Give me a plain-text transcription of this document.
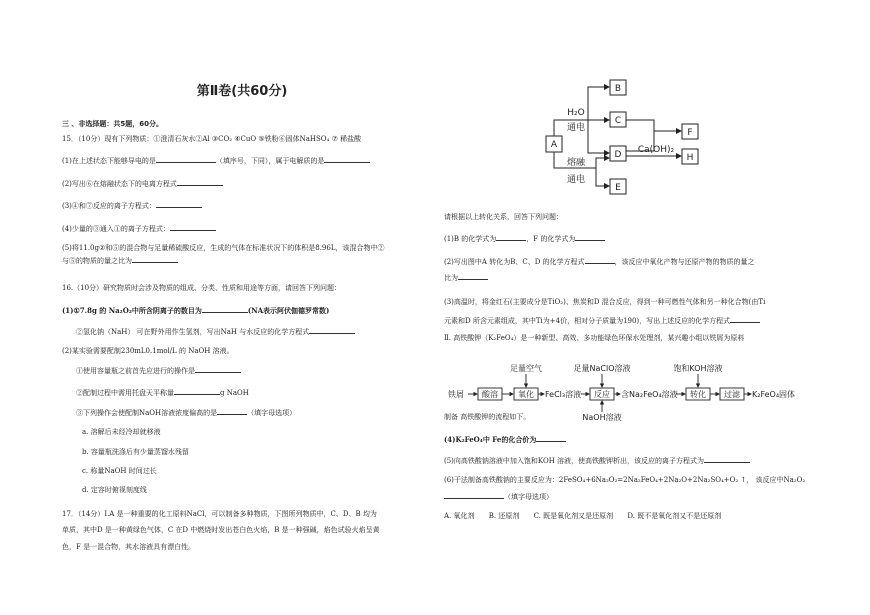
第Ⅱ卷(共60分)
三 、非选择题：共5题，60分。
15．（10分）现有下列物质：①澄清石灰水②Al ③CO₂ ④CuO ⑤铁粉⑥固体NaHSO₄ ⑦ 稀盐酸
(1)在上述状态下能够导电的是	（填序号，下同），属于电解质的是
(2)写出⑥在熔融状态下的电离方程式
(3)④和⑦反应的离子方程式：
(4)少量的③通入①的离子方程式：
(5)将11.0g②和⑤的混合物与足量稀硫酸反应，生成的气体在标准状况下的体积是8.96L，该混合物中②
与⑤的物质的量之比为
16.（10分）研究物质时会涉及物质的组成、分类、性质和用途等方面，请回答下列问题：
(1)①7.8g 的 Na₂O₂中所含阴离子的数目为	(NA表示阿伏伽德罗常数)
②氢化钠（NaH） 可在野外用作生氢剂，写出NaH 与水反应的化学方程式
(2)某实验需要配制230mL0.1mol/L 的 NaOH 溶液。
①使用容量瓶之前首先应进行的操作是
②配制过程中需用托盘天平称量	g NaOH
③下列操作会使配制NaOH溶液浓度偏高的是	（填字母选项）
a. 溶解后未经冷却就移液
b. 容量瓶洗涤后有少量蒸馏水残留
c. 称量NaOH 时间过长
d. 定容时俯视刻度线
17．（14分）Ⅰ.A 是一种重要的化工原料NaCl，可以制备多种物质，下图所列物质中，C、D、B 均为
单质，其中D 是一种黄绿色气体，C 在D 中燃烧时发出苍白色火焰，B 是一种强碱，焰色试验火焰呈黄
色，F 是一混合物，其水溶液具有漂白性。
A
B
C
D
E
F
H
H₂O
通电
熔融
通电
Ca(OH)₂
请根据以上转化关系，回答下列问题：
(1)B 的化学式为	，F 的化学式为
(2)写出图中A 转化为B、C、D 的化学方程式	，该反应中氧化产物与还原产物的物质的量之
比为
(3)高温时，将金红石(主要成分是TiO₂)、焦炭和D 混合反应，得到一种可燃性气体和另一种化合物(由Ti
元素和D 所含元素组成，其中Ti为+4价，相对分子质量为190)，写出上述反应的化学方程式
Ⅱ. 高铁酸钾（K₂FeO₄）是一种新型、高效、多功能绿色环保水处理剂，某兴趣小组以铁屑为原料
制备 高铁酸钾的流程如下。
(4)K₂FeO₄中 Fe的化合价为
(5)向高铁酸钠溶液中加入饱和KOH 溶液，使高铁酸钾析出，该反应的离子方程式为
(6)干法制备高铁酸钠的主要反应为：2FeSO₄+6Na₂O₂=2Na₂FeO₄+2Na₂O+2Na₂SO₄+O₂ ↑， 该反应中Na₂O₂
（填字母选项）
A. 氧化剂 B. 还原剂 C. 既是氧化剂又是还原剂 D. 既不是氧化剂又不是还原剂
铁屑 酸溶	氧化 FeCl₃溶液 反应 含Na₂FeO₄溶液 转化 过滤 K₂FeO₄固体
足量空气	足量NaClO溶液	饱和KOH溶液
NaOH溶液
